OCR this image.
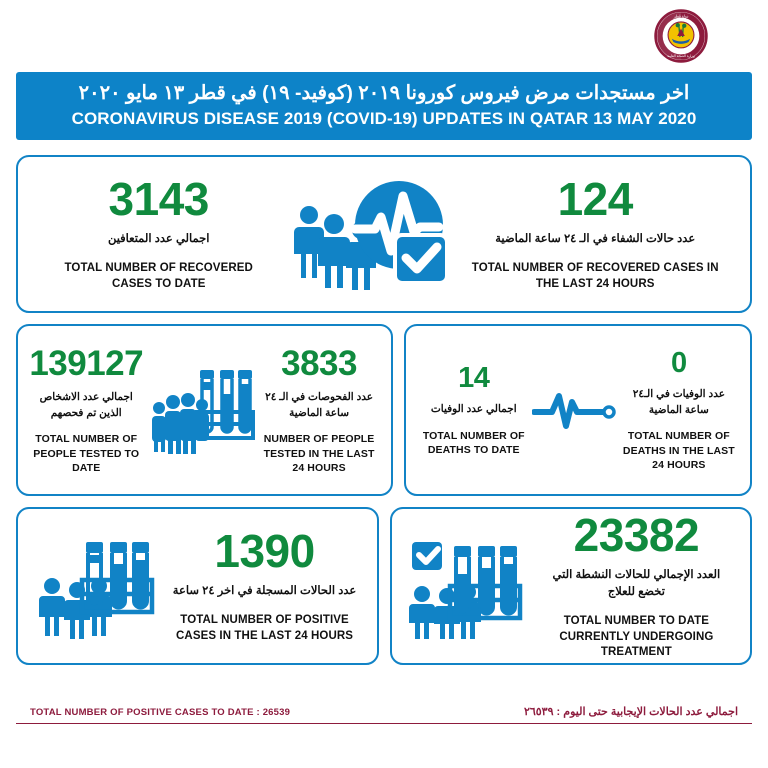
دولة قطر
وزارة الصحة العامة
اخر مستجدات مرض فيروس كورونا ٢٠١٩ (كوفيد- ١٩) في قطر ١٣ مايو ٢٠٢٠
CORONAVIRUS DISEASE 2019 (COVID-19) UPDATES IN QATAR 13 MAY 2020
3143
اجمالي عدد المتعافين
TOTAL NUMBER OF RECOVERED CASES TO DATE
124
عدد حالات الشفاء في الـ ٢٤ ساعة الماضية
TOTAL NUMBER OF RECOVERED CASES IN THE LAST 24 HOURS
139127
اجمالي عدد الاشخاص الذين تم فحصهم
TOTAL NUMBER OF PEOPLE TESTED TO DATE
3833
عدد الفحوصات في الـ ٢٤ ساعة الماضية
NUMBER OF PEOPLE TESTED IN THE LAST 24 HOURS
14
اجمالي عدد الوفيات
TOTAL NUMBER OF DEATHS TO DATE
0
عدد الوفيات في الـ٢٤ ساعة الماضية
TOTAL NUMBER OF DEATHS IN THE LAST 24 HOURS
1390
عدد الحالات المسجلة في اخر ٢٤ ساعة
TOTAL NUMBER OF POSITIVE CASES IN THE LAST 24 HOURS
23382
العدد الإجمالي للحالات النشطة التي تخضع للعلاج
TOTAL NUMBER TO DATE CURRENTLY UNDERGOING TREATMENT
TOTAL NUMBER OF POSITIVE CASES TO DATE : 26539	اجمالي عدد الحالات الإيجابية حتى اليوم : ٢٦٥٣٩
